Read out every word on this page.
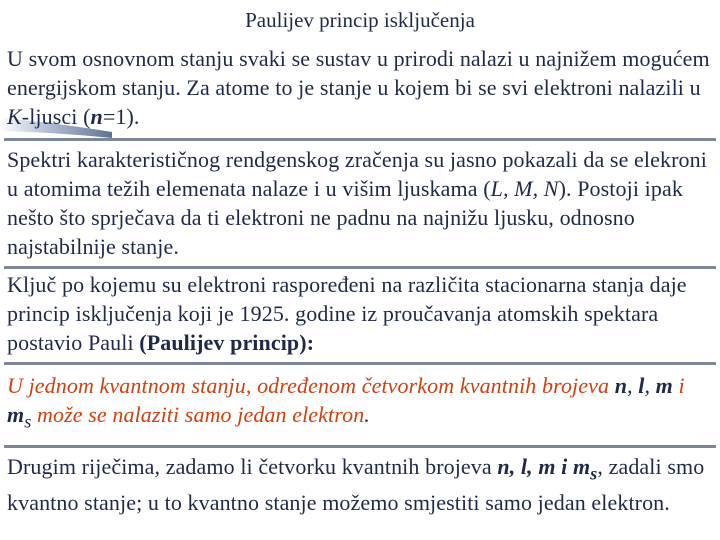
Paulijev princip isključenja

U svom osnovnom stanju svaki se sustav u prirodi nalazi u najnižem mogućem energijskom stanju. Za atome to je stanje u kojem bi se svi elektroni nalazili u K-ljusci (n=1).

Spektri karakterističnog rendgenskog zračenja su jasno pokazali da se elekroni u atomima težih elemenata nalaze i u višim ljuskama (L, M, N). Postoji ipak nešto što sprječava da ti elektroni ne padnu na najnižu ljusku, odnosno najstabilnije stanje.

Ključ po kojemu su elektroni raspoređeni na različita stacionarna stanja daje princip isključenja koji je 1925. godine iz proučavanja atomskih spektara postavio Pauli (Paulijev princip):

U jednom kvantnom stanju, određenom četvorkom kvantnih brojeva n, l, m i $m_s$ može se nalaziti samo jedan elektron.

Drugim riječima, zadamo li četvorku kvantnih brojeva n, l, m i $m_s$, zadali smo kvantno stanje; u to kvantno stanje možemo smjestiti samo jedan elektron.
